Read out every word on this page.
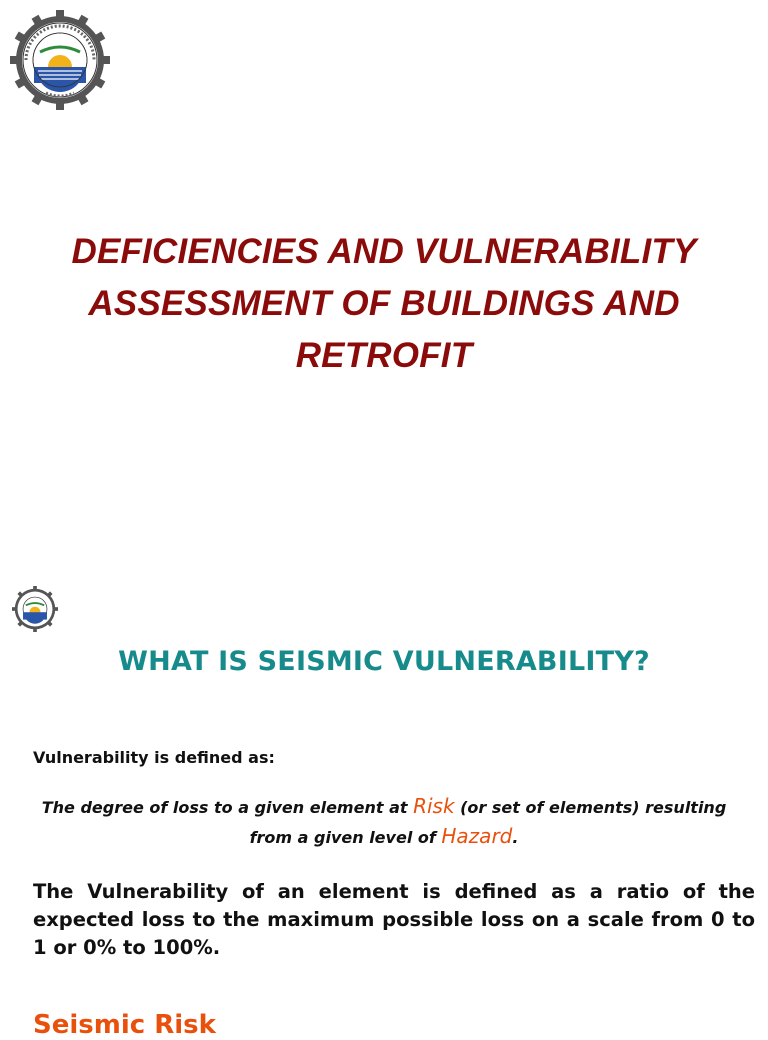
DEFICIENCIES AND VULNERABILITY
ASSESSMENT OF BUILDINGS AND
RETROFIT
WHAT IS SEISMIC VULNERABILITY?
Vulnerability is defined as:
The degree of loss to a given element at Risk (or set of elements) resulting from a given level of Hazard.
The Vulnerability of an element is defined as a ratio of the expected loss to the maximum possible loss on a scale from 0 to 1 or 0% to 100%.
Seismic Risk
